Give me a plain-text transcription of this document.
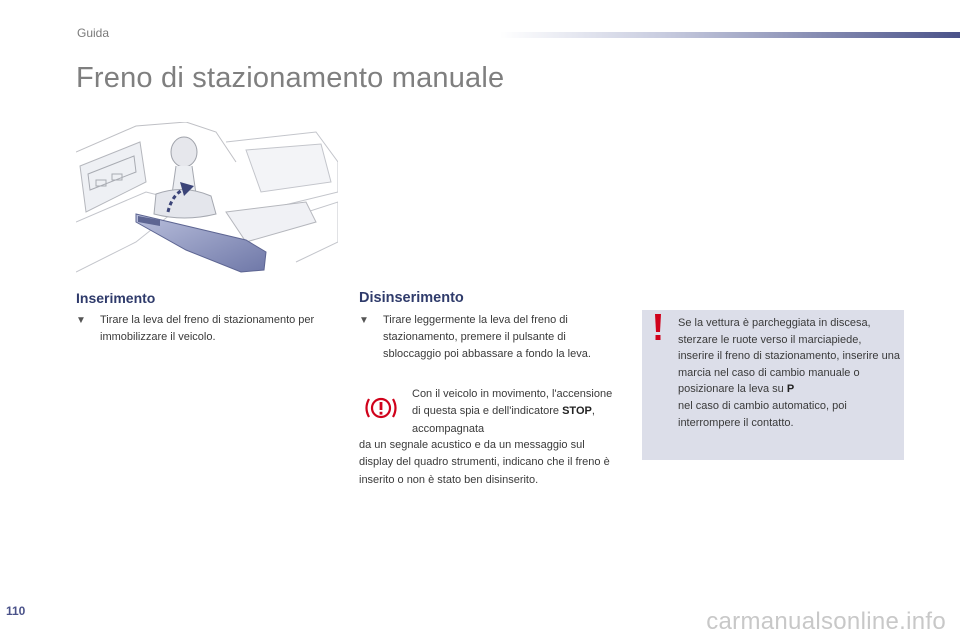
Guida
Freno di stazionamento manuale
Inserimento
▼	Tirare la leva del freno di stazionamento per immobilizzare il veicolo.
Disinserimento
▼	Tirare leggermente la leva del freno di stazionamento, premere il pulsante di sbloccaggio poi abbassare a fondo la leva.
Con il veicolo in movimento, l'accensione di questa spia e dell'indicatore STOP, accompagnata
da un segnale acustico e da un messaggio sul display del quadro strumenti, indicano che il freno è inserito o non è stato ben disinserito.
Se la vettura è parcheggiata in discesa, sterzare le ruote verso il marciapiede, inserire il freno di stazionamento, inserire una marcia nel caso di cambio manuale o posizionare la leva su P
nel caso di cambio automatico, poi interrompere il contatto.
110	carmanualsonline.info
